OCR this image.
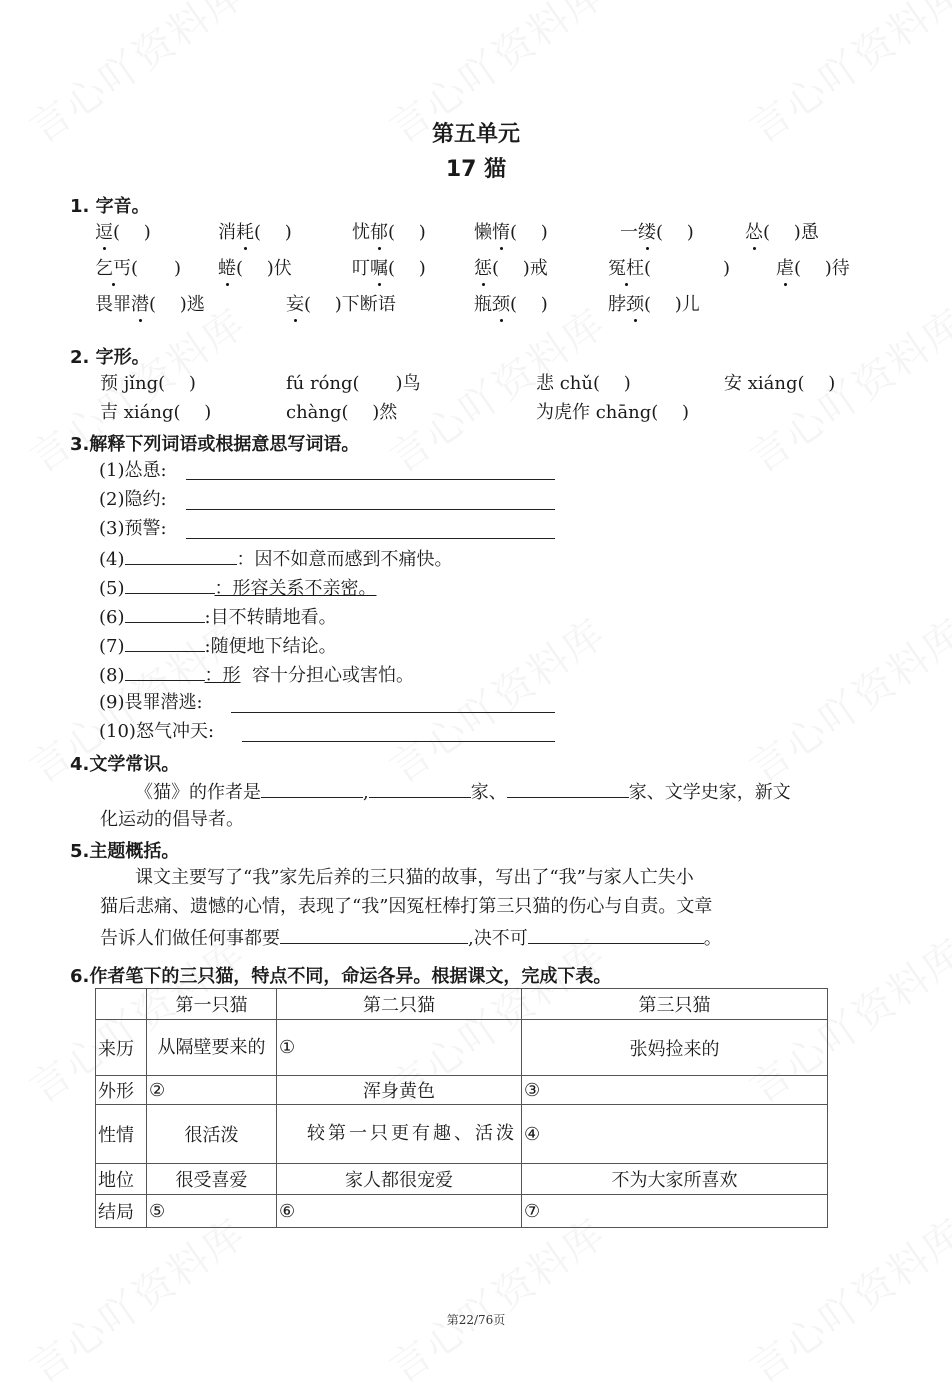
第五单元
17 猫
1. 字音。
逗(　 )	消耗(　 )	忧郁(　 )	懒惰(　 )	一缕(　 )	怂(　 )恿
乞丐(　　) 蜷(　 )伏	叮嘱(　 )	惩(　 )戒	冤枉(　　　　)	虐(　 )待
畏罪潜(　 )逃	妄(　 )下断语	瓶颈(　 )	脖颈(　 )儿
2. 字形。
预 jǐng(　 )	fú róng(　　)鸟	悲 chǔ(　 )	安 xiáng(　 )
吉 xiáng(　 )	chàng(　 )然	为虎作 chāng(　 )
3.解释下列词语或根据意思写词语。
(1)怂恿:
(2)隐约:
(3)预警:
(4)	：因不如意而感到不痛快。
(5)	：形容关系不亲密。
(6)	:目不转睛地看。
(7)	:随便地下结论。
(8)	：形 容十分担心或害怕。
(9)畏罪潜逃:
(10)怒气冲天:
4.文学常识。
《猫》的作者是	,	家、	家、文学史家，新文
化运动的倡导者。
5.主题概括。
课文主要写了“我”家先后养的三只猫的故事，写出了“我”与家人亡失小
猫后悲痛、遗憾的心情，表现了“我”因冤枉棒打第三只猫的伤心与自责。文章
告诉人们做任何事都要	,决不可	。
6.作者笔下的三只猫，特点不同，命运各异。根据课文，完成下表。
	第一只猫	第二只猫	第三只猫
来历	从隔壁要来的	①	张妈捡来的
外形	②	浑身黄色	③
性情	很活泼	较第一只更有趣、活泼	④
地位	很受喜爱	家人都很宠爱	不为大家所喜欢
结局	⑤	⑥	⑦
第22/76页
